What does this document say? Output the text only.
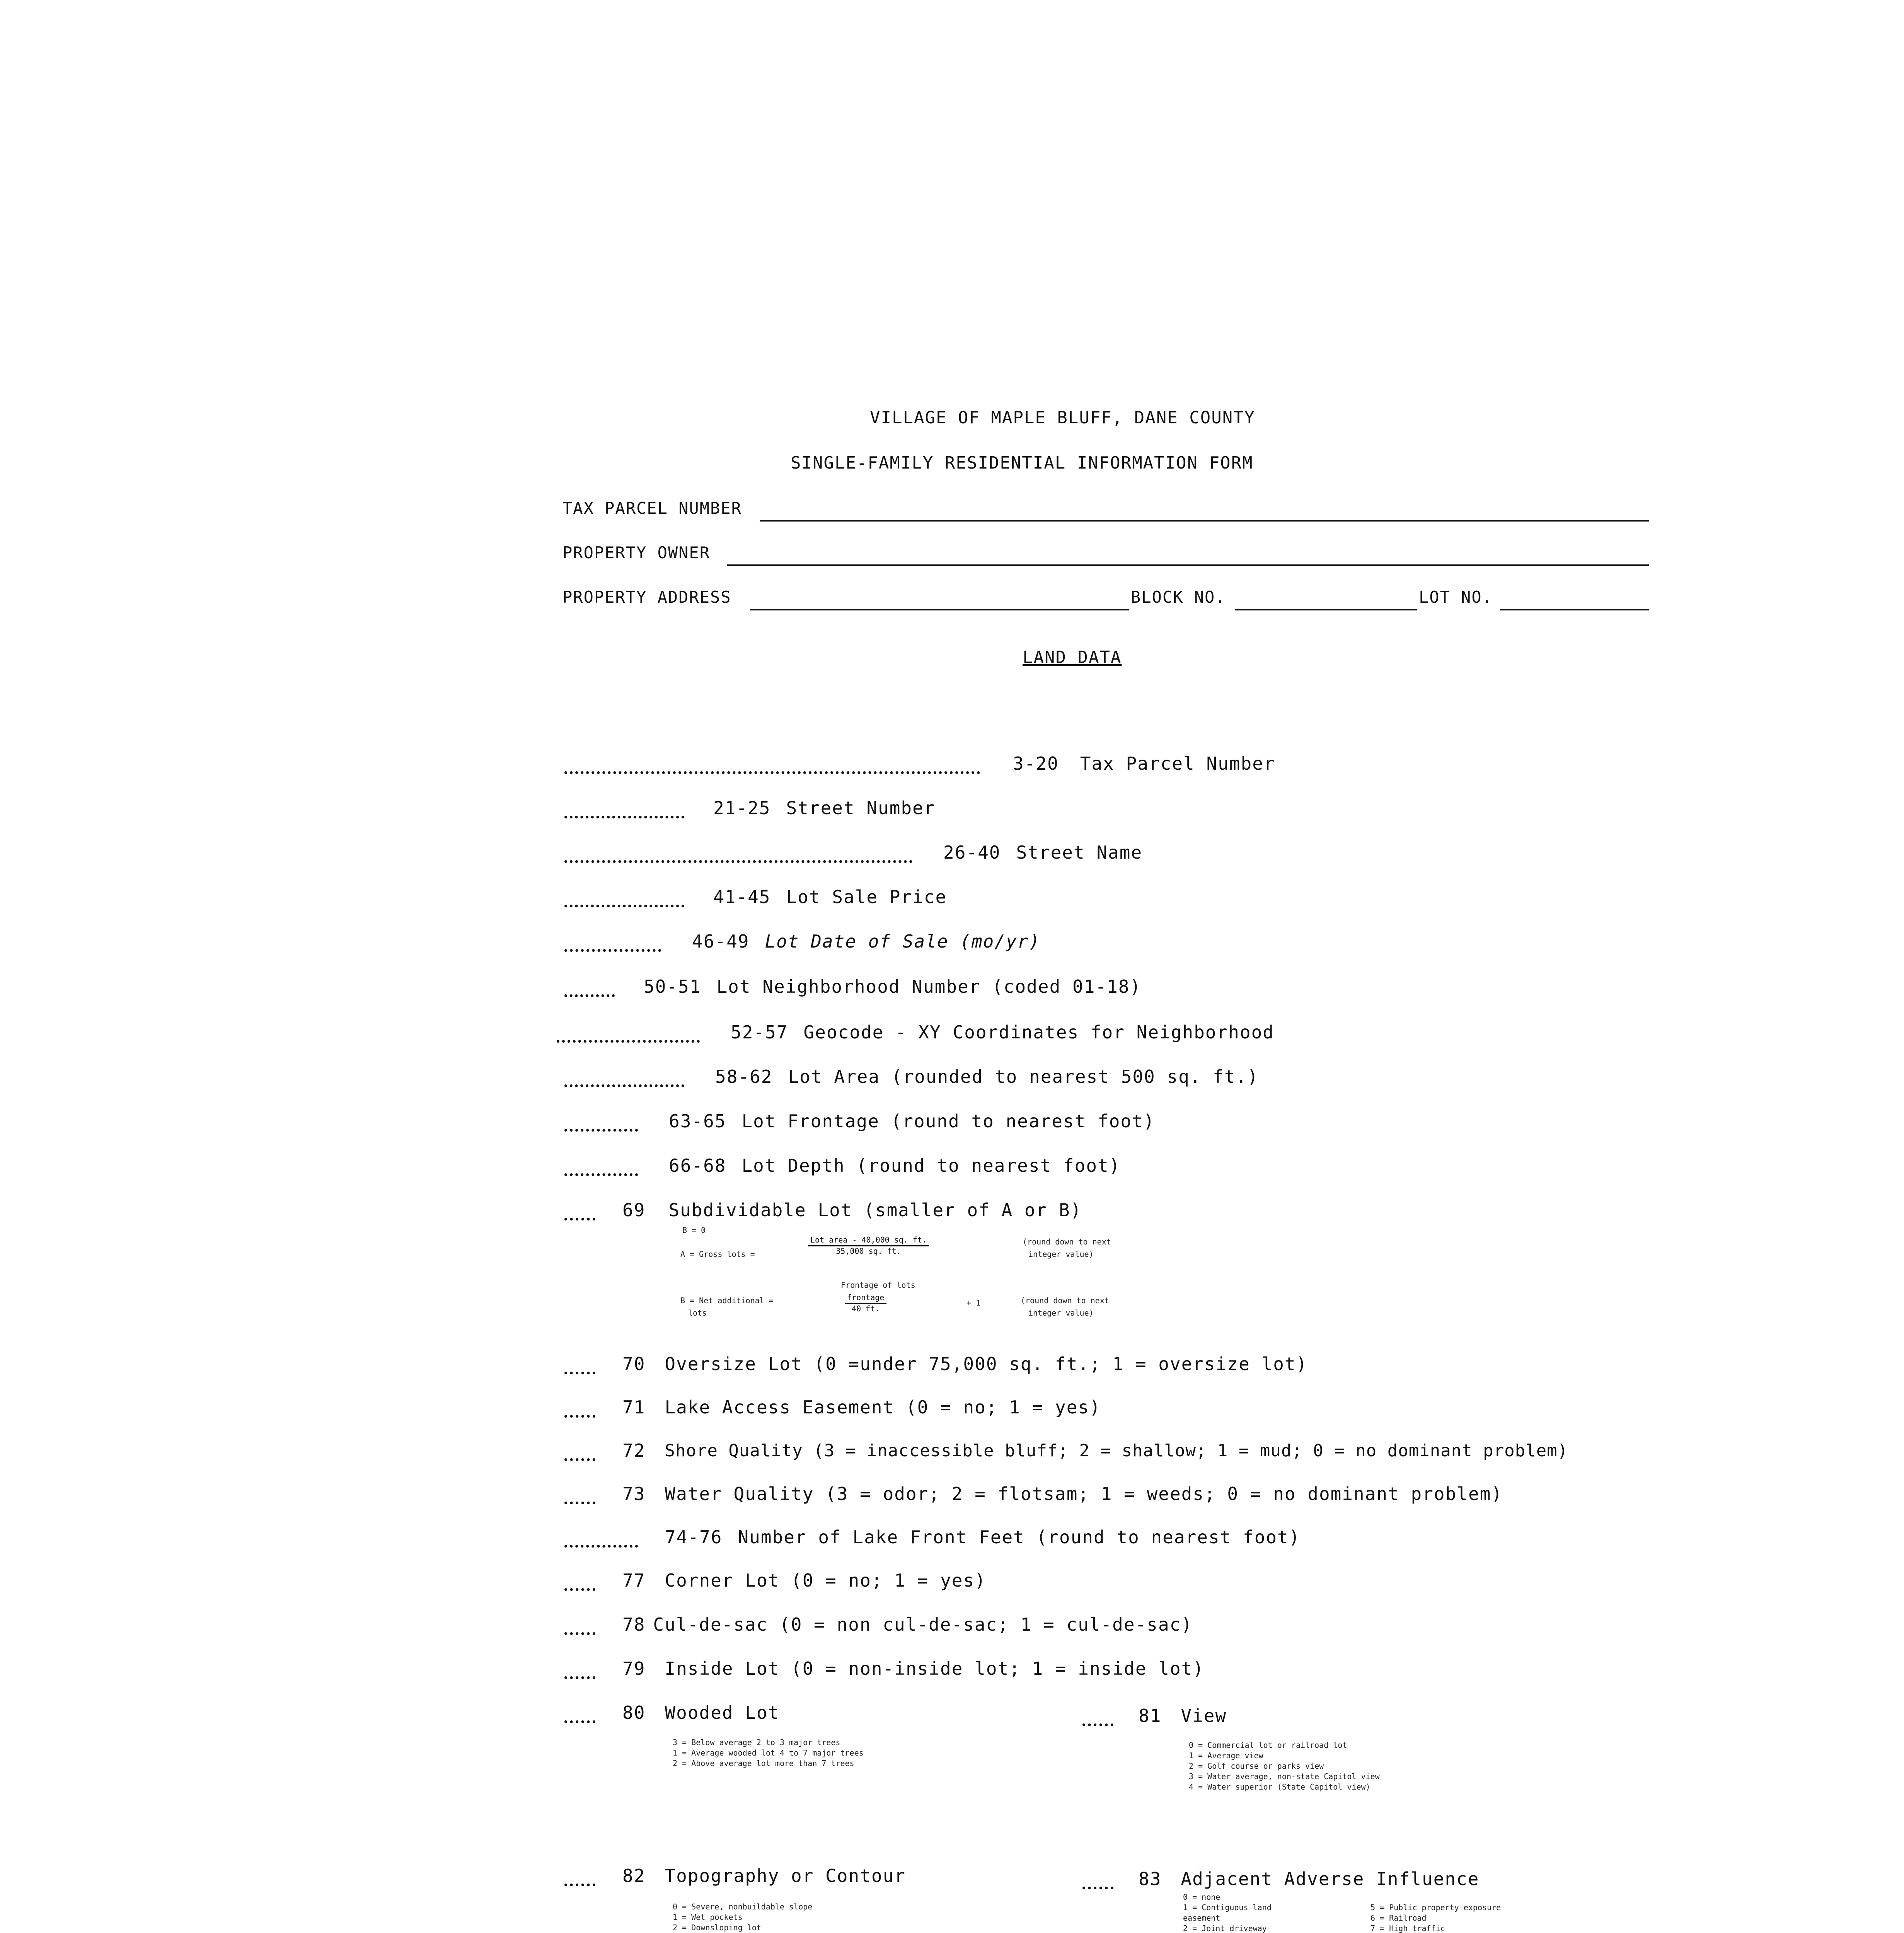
VILLAGE OF MAPLE BLUFF, DANE COUNTY
SINGLE-FAMILY RESIDENTIAL INFORMATION FORM
TAX PARCEL NUMBER
PROPERTY OWNER
PROPERTY ADDRESS	BLOCK NO.	LOT NO.
LAND DATA
3-20 Tax Parcel Number
21-25 Street Number
26-40 Street Name
41-45 Lot Sale Price
46-49 Lot Date of Sale (mo/yr)
50-51 Lot Neighborhood Number (coded 01-18)
52-57 Geocode - XY Coordinates for Neighborhood
58-62 Lot Area (rounded to nearest 500 sq. ft.)
63-65 Lot Frontage (round to nearest foot)
66-68 Lot Depth (round to nearest foot)
69 Subdividable Lot (smaller of A or B)
B = 0
A = Gross lots =
Lot area - 40,000 sq. ft.
35,000 sq. ft.
(round down to next
integer value)
Frontage of lots
B = Net additional =
lots
frontage
40 ft.
+ 1	(round down to next
integer value)
70 Oversize Lot (0 =under 75,000 sq. ft.; 1 = oversize lot)
71 Lake Access Easement (0 = no; 1 = yes)
72 Shore Quality (3 = inaccessible bluff; 2 = shallow; 1 = mud; 0 = no dominant problem)
73 Water Quality (3 = odor; 2 = flotsam; 1 = weeds; 0 = no dominant problem)
74-76 Number of Lake Front Feet (round to nearest foot)
77 Corner Lot (0 = no; 1 = yes)
78 Cul-de-sac (0 = non cul-de-sac; 1 = cul-de-sac)
79 Inside Lot (0 = non-inside lot; 1 = inside lot)
80 Wooded Lot
3 = Below average 2 to 3 major trees
1 = Average wooded lot 4 to 7 major trees
2 = Above average lot more than 7 trees
81 View
0 = Commercial lot or railroad lot
1 = Average view
2 = Golf course or parks view
3 = Water average, non-state Capitol view
4 = Water superior (State Capitol view)
82 Topography or Contour
0 = Severe, nonbuildable slope
1 = Wet pockets
2 = Downsloping lot
83 Adjacent Adverse Influence
0 = none
1 = Contiguous land
easement
2 = Joint driveway
5 = Public property exposure
6 = Railroad
7 = High traffic
